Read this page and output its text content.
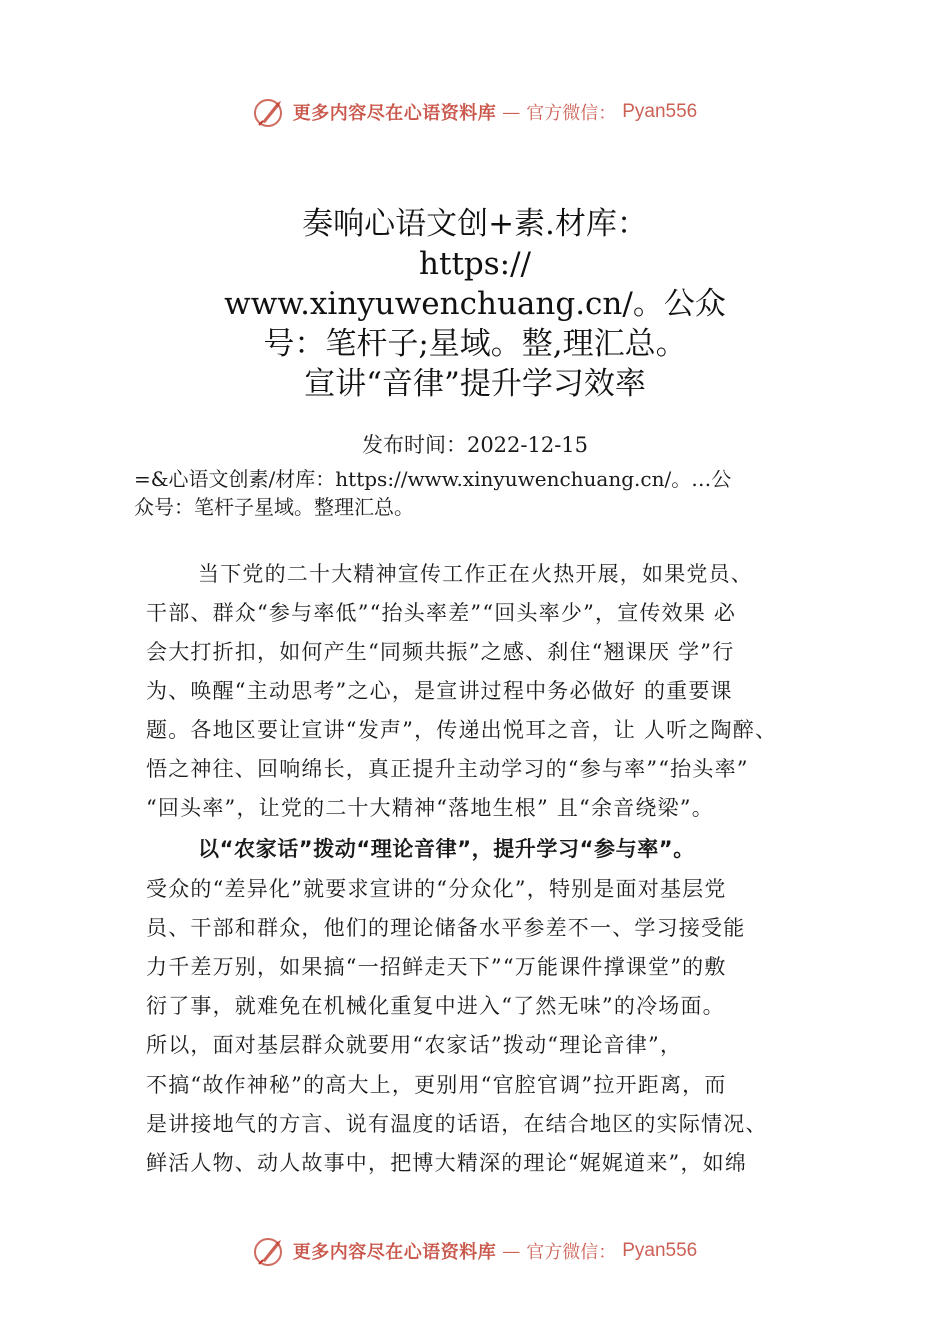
更多内容尽在心语资料库 — 官方微信： Pyan556
奏响心语文创+素.材库：
https://
www.xinyuwenchuang.cn/。公众
号：笔杆子;星域。整,理汇总。
宣讲“音律”提升学习效率
发布时间：2022-12-15
=&心语文创素/材库：https://www.xinyuwenchuang.cn/。…公
众号：笔杆子星域。整理汇总。
当下党的二十大精神宣传工作正在火热开展，如果党员、
干部、群众“参与率低”“抬头率差”“回头率少”，宣传效果 必
会大打折扣，如何产生“同频共振”之感、刹住“翘课厌 学”行
为、唤醒“主动思考”之心，是宣讲过程中务必做好 的重要课
题。各地区要让宣讲“发声”，传递出悦耳之音，让 人听之陶醉、
悟之神往、回响绵长，真正提升主动学习的“参与率”“抬头率”
“回头率”，让党的二十大精神“落地生根” 且“余音绕梁”。
以“农家话”拨动“理论音律”，提升学习“参与率”。
受众的“差异化”就要求宣讲的“分众化”，特别是面对基层党
员、干部和群众，他们的理论储备水平参差不一、学习接受能
力千差万别，如果搞“一招鲜走天下”“万能课件撑课堂”的敷
衍了事，就难免在机械化重复中进入“了然无味”的冷场面。
所以，面对基层群众就要用“农家话”拨动“理论音律”，
不搞“故作神秘”的高大上，更别用“官腔官调”拉开距离，而
是讲接地气的方言、说有温度的话语，在结合地区的实际情况、
鲜活人物、动人故事中，把博大精深的理论“娓娓道来”，如绵
更多内容尽在心语资料库 — 官方微信： Pyan556
